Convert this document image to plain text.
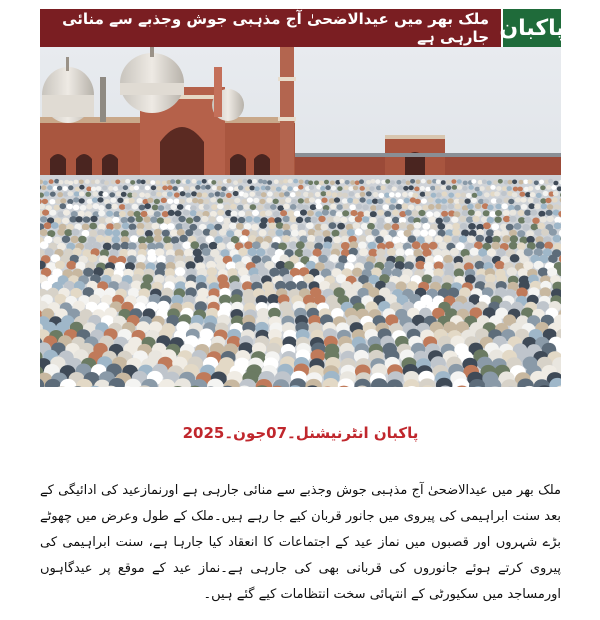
ملک بھر میں عیدالاضحیٰ آج مذہبی جوش وجذبے سے منائی جارہی ہے پاکبان
پاکبان انٹرنیشنل۔07جون۔2025
ملک بھر میں عیدالاضحیٰ آج مذہبی جوش وجذبے سے منائی جارہی ہے اورنمازعید کی ادائیگی کے بعد سنت ابراہیمی کی پیروی میں جانور قربان کیے جا رہے ہیں۔ملک کے طول وعرض میں چھوٹے بڑے شہروں اور قصبوں میں نماز عید کے اجتماعات کا انعقاد کیا جارہا ہے، سنت ابراہیمی کی پیروی کرتے ہوئے جانوروں کی قربانی بھی کی جارہی ہے۔نماز عید کے موقع پر عیدگاہوں اورمساجد میں سکیورٹی کے انتہائی سخت انتظامات کیے گئے ہیں۔
